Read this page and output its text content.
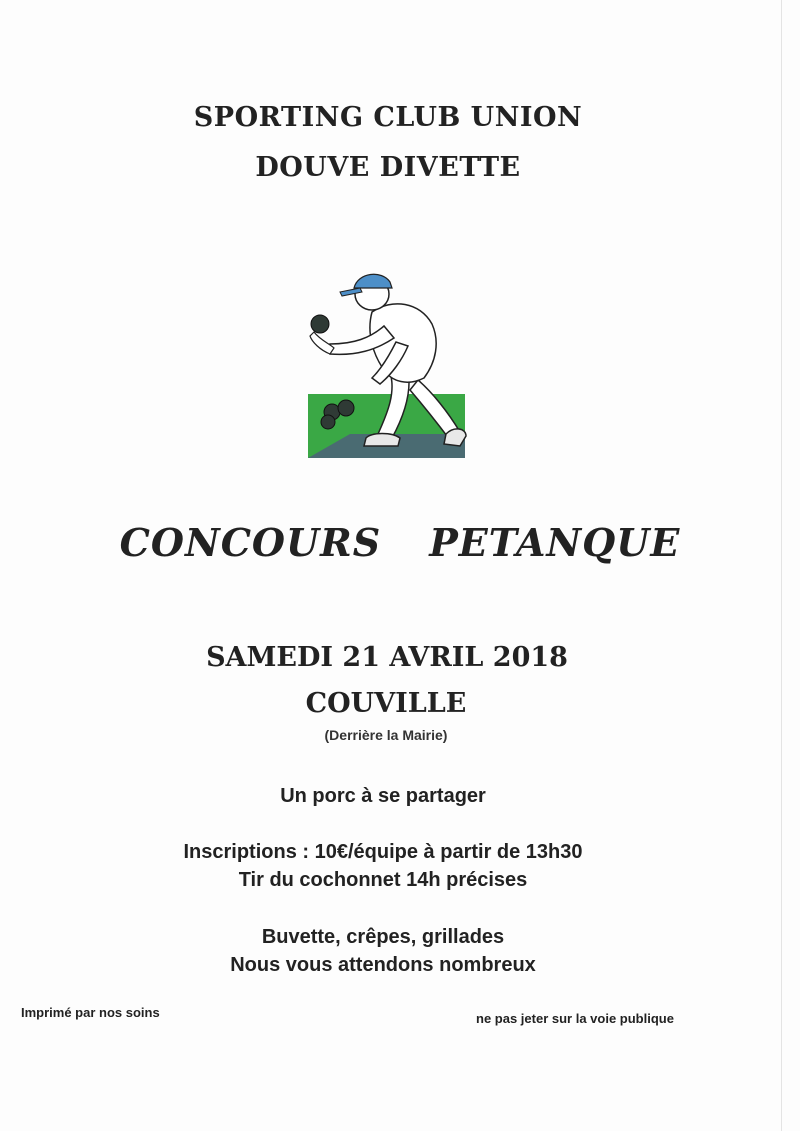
SPORTING CLUB UNION
DOUVE DIVETTE
CONCOURS PETANQUE
SAMEDI 21 AVRIL 2018
COUVILLE
(Derrière la Mairie)
Un porc à se partager
Inscriptions : 10€/équipe à partir de 13h30
Tir du cochonnet 14h précises
Buvette, crêpes, grillades
Nous vous attendons nombreux
Imprimé par nos soins	ne pas jeter sur la voie publique
